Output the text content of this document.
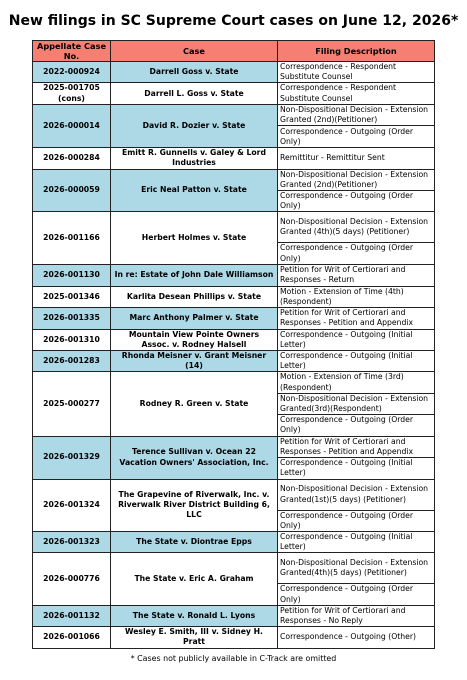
New filings in SC Supreme Court cases on June 12, 2026*
Appellate Case No.	Case	Filing Description
2022-000924	Darrell Goss v. State	Correspondence - Respondent Substitute Counsel
2025-001705 (cons)	Darrell L. Goss v. State	Correspondence - Respondent Substitute Counsel
2026-000014	David R. Dozier v. State	Non-Dispositional Decision - Extension Granted (2nd)(Petitioner)
		Correspondence - Outgoing (Order Only)
2026-000284	Emitt R. Gunnells v. Galey & Lord Industries	Remittitur - Remittitur Sent
2026-000059	Eric Neal Patton v. State	Non-Dispositional Decision - Extension Granted (2nd)(Petitioner)
		Correspondence - Outgoing (Order Only)
2026-001166	Herbert Holmes v. State	Non-Dispositional Decision - Extension Granted (4th)(5 days) (Petitioner)
		Correspondence - Outgoing (Order Only)
2026-001130	In re: Estate of John Dale Williamson	Petition for Writ of Certiorari and Responses - Return
2025-001346	Karlita Desean Phillips v. State	Motion - Extension of Time (4th) (Respondent)
2026-001335	Marc Anthony Palmer v. State	Petition for Writ of Certiorari and Responses - Petition and Appendix
2026-001310	Mountain View Pointe Owners Assoc. v. Rodney Halsell	Correspondence - Outgoing (Initial Letter)
2026-001283	Rhonda Meisner v. Grant Meisner (14)	Correspondence - Outgoing (Initial Letter)
2025-000277	Rodney R. Green v. State	Motion - Extension of Time (3rd) (Respondent)
		Non-Dispositional Decision - Extension Granted(3rd)(Respondent)
		Correspondence - Outgoing (Order Only)
2026-001329	Terence Sullivan v. Ocean 22 Vacation Owners' Association, Inc.	Petition for Writ of Certiorari and Responses - Petition and Appendix
		Correspondence - Outgoing (Initial Letter)
2026-001324	The Grapevine of Riverwalk, Inc. v. Riverwalk River District Building 6, LLC	Non-Dispositional Decision - Extension Granted(1st)(5 days) (Petitioner)
		Correspondence - Outgoing (Order Only)
2026-001323	The State v. Diontrae Epps	Correspondence - Outgoing (Initial Letter)
2026-000776	The State v. Eric A. Graham	Non-Dispositional Decision - Extension Granted(4th)(5 days) (Petitioner)
		Correspondence - Outgoing (Order Only)
2026-001132	The State v. Ronald L. Lyons	Petition for Writ of Certiorari and Responses - No Reply
2026-001066	Wesley E. Smith, III v. Sidney H. Pratt	Correspondence - Outgoing (Other)
* Cases not publicly available in C-Track are omitted
